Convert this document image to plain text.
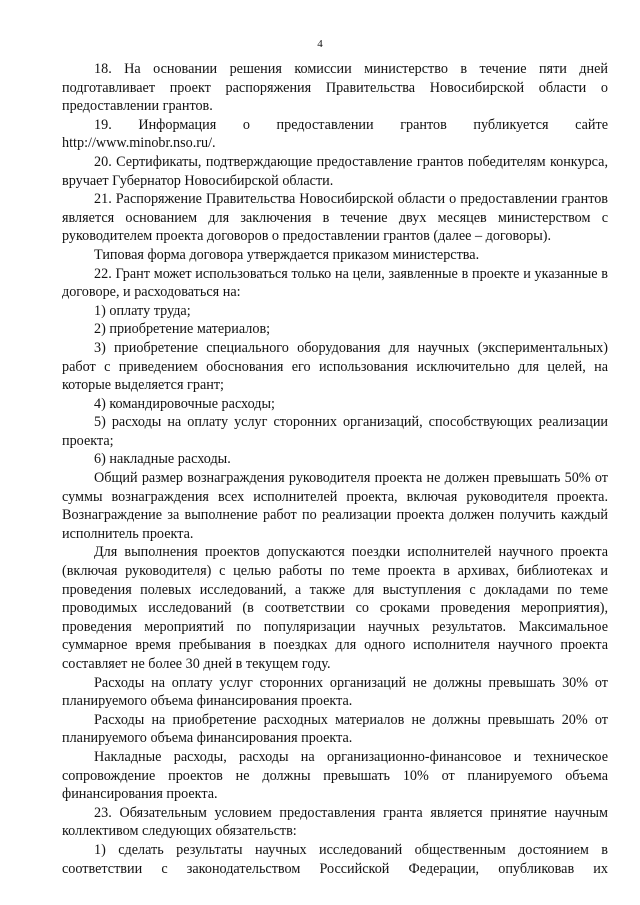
4

18. На основании решения комиссии министерство в течение пяти дней подготавливает проект распоряжения Правительства Новосибирской области о предоставлении грантов.

19. Информация о предоставлении грантов публикуется сайте http://www.minobr.nso.ru/.

20. Сертификаты, подтверждающие предоставление грантов победителям конкурса, вручает Губернатор Новосибирской области.

21. Распоряжение Правительства Новосибирской области о предоставлении грантов является основанием для заключения в течение двух месяцев министерством с руководителем проекта договоров о предоставлении грантов (далее – договоры).

Типовая форма договора утверждается приказом министерства.

22. Грант может использоваться только на цели, заявленные в проекте и указанные в договоре, и расходоваться на:

1) оплату труда;

2) приобретение материалов;

3) приобретение специального оборудования для научных (экспериментальных) работ с приведением обоснования его использования исключительно для целей, на которые выделяется грант;

4) командировочные расходы;

5) расходы на оплату услуг сторонних организаций, способствующих реализации проекта;

6) накладные расходы.

Общий размер вознаграждения руководителя проекта не должен превышать 50% от суммы вознаграждения всех исполнителей проекта, включая руководителя проекта. Вознаграждение за выполнение работ по реализации проекта должен получить каждый исполнитель проекта.

Для выполнения проектов допускаются поездки исполнителей научного проекта (включая руководителя) с целью работы по теме проекта в архивах, библиотеках и проведения полевых исследований, а также для выступления с докладами по теме проводимых исследований (в соответствии со сроками проведения мероприятия), проведения мероприятий по популяризации научных результатов. Максимальное суммарное время пребывания в поездках для одного исполнителя научного проекта составляет не более 30 дней в текущем году.

Расходы на оплату услуг сторонних организаций не должны превышать 30% от планируемого объема финансирования проекта.

Расходы на приобретение расходных материалов не должны превышать 20% от планируемого объема финансирования проекта.

Накладные расходы, расходы на организационно-финансовое и техническое сопровождение проектов не должны превышать 10% от планируемого объема финансирования проекта.

23. Обязательным условием предоставления гранта является принятие научным коллективом следующих обязательств:

1) сделать результаты научных исследований общественным достоянием в соответствии с законодательством Российской Федерации, опубликовав их
